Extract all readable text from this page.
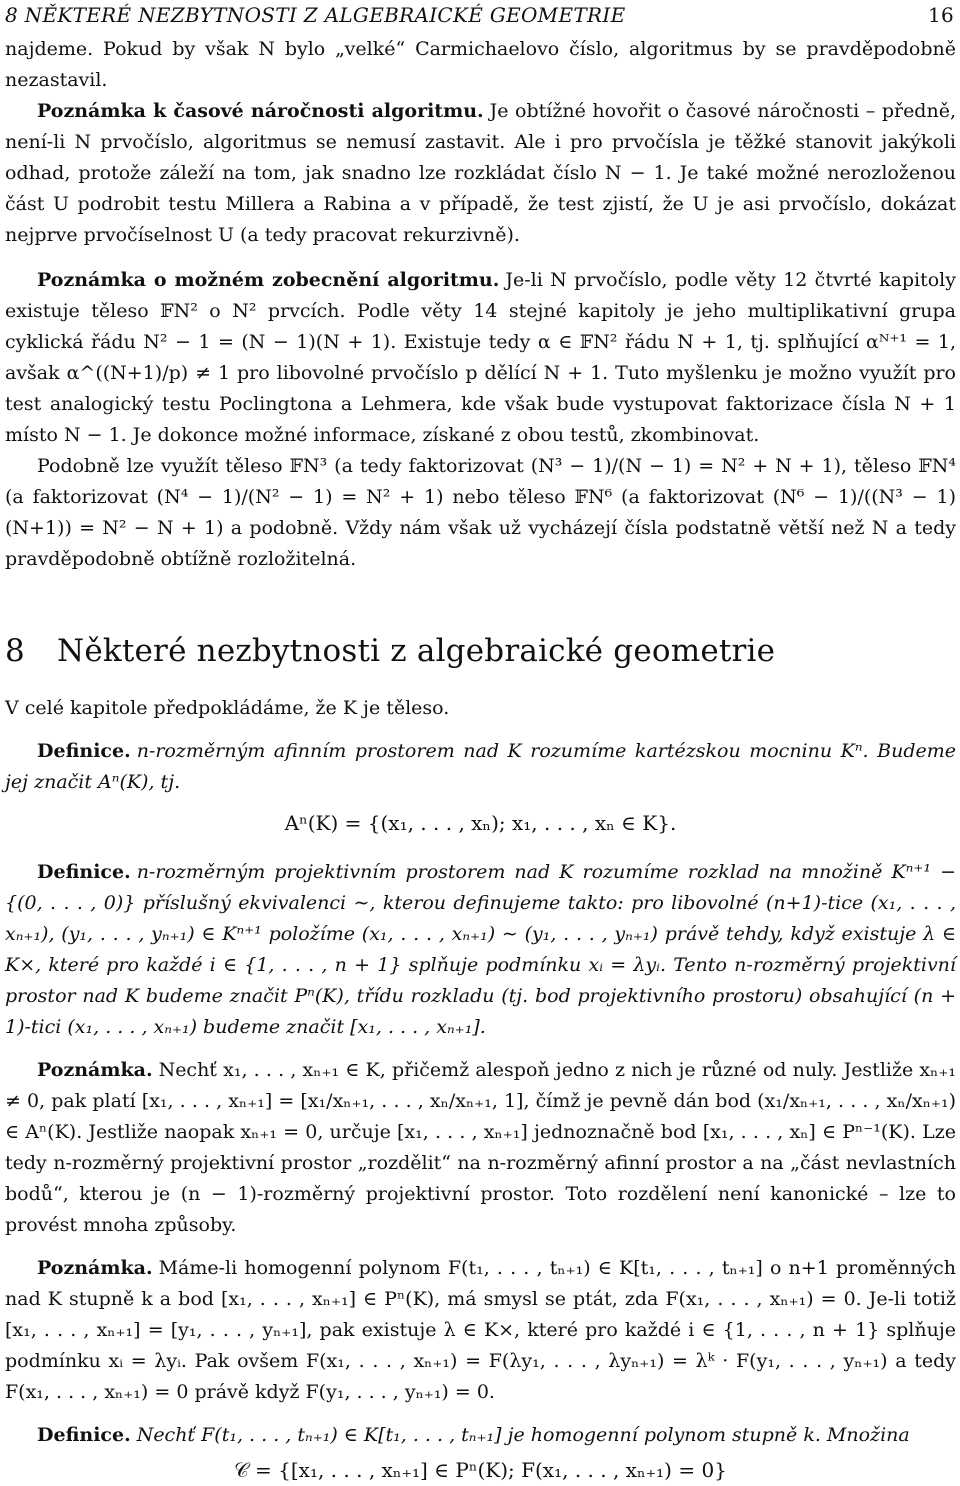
8 NĚKTERÉ NEZBYTNOSTI Z ALGEBRAICKÉ GEOMETRIE	16

najdeme. Pokud by však N bylo „velké“ Carmichaelovo číslo, algoritmus by se pravděpodobně nezastavil.

Poznámka k časové náročnosti algoritmu. Je obtížné hovořit o časové náročnosti – předně, není-li N prvočíslo, algoritmus se nemusí zastavit. Ale i pro prvočísla je těžké stanovit jakýkoli odhad, protože záleží na tom, jak snadno lze rozkládat číslo N − 1. Je také možné nerozloženou část U podrobit testu Millera a Rabina a v případě, že test zjistí, že U je asi prvočíslo, dokázat nejprve prvočíselnost U (a tedy pracovat rekurzivně).

Poznámka o možném zobecnění algoritmu. Je-li N prvočíslo, podle věty 12 čtvrté kapitoly existuje těleso 𝔽N² o N² prvcích. Podle věty 14 stejné kapitoly je jeho multiplikativní grupa cyklická řádu N² − 1 = (N − 1)(N + 1). Existuje tedy α ∈ 𝔽N² řádu N + 1, tj. splňující αᴺ⁺¹ = 1, avšak α^((N+1)/p) ≠ 1 pro libovolné prvočíslo p dělící N + 1. Tuto myšlenku je možno využít pro test analogický testu Poclingtona a Lehmera, kde však bude vystupovat faktorizace čísla N + 1 místo N − 1. Je dokonce možné informace, získané z obou testů, zkombinovat.

Podobně lze využít těleso 𝔽N³ (a tedy faktorizovat (N³ − 1)/(N − 1) = N² + N + 1), těleso 𝔽N⁴ (a faktorizovat (N⁴ − 1)/(N² − 1) = N² + 1) nebo těleso 𝔽N⁶ (a faktorizovat (N⁶ − 1)/((N³ − 1)(N+1)) = N² − N + 1) a podobně. Vždy nám však už vycházejí čísla podstatně větší než N a tedy pravděpodobně obtížně rozložitelná.

8 Některé nezbytnosti z algebraické geometrie

V celé kapitole předpokládáme, že K je těleso.

Definice. n-rozměrným afinním prostorem nad K rozumíme kartézskou mocninu Kⁿ. Budeme jej značit Aⁿ(K), tj.

Aⁿ(K) = {(x₁, . . . , xₙ); x₁, . . . , xₙ ∈ K}.

Definice. n-rozměrným projektivním prostorem nad K rozumíme rozklad na množině Kⁿ⁺¹ − {(0, . . . , 0)} příslušný ekvivalenci ∼, kterou definujeme takto: pro libovolné (n+1)-tice (x₁, . . . , xₙ₊₁), (y₁, . . . , yₙ₊₁) ∈ Kⁿ⁺¹ položíme (x₁, . . . , xₙ₊₁) ∼ (y₁, . . . , yₙ₊₁) právě tehdy, když existuje λ ∈ K×, které pro každé i ∈ {1, . . . , n + 1} splňuje podmínku xᵢ = λyᵢ. Tento n-rozměrný projektivní prostor nad K budeme značit Pⁿ(K), třídu rozkladu (tj. bod projektivního prostoru) obsahující (n + 1)-tici (x₁, . . . , xₙ₊₁) budeme značit [x₁, . . . , xₙ₊₁].

Poznámka. Nechť x₁, . . . , xₙ₊₁ ∈ K, přičemž alespoň jedno z nich je různé od nuly. Jestliže xₙ₊₁ ≠ 0, pak platí [x₁, . . . , xₙ₊₁] = [x₁/xₙ₊₁, . . . , xₙ/xₙ₊₁, 1], čímž je pevně dán bod (x₁/xₙ₊₁, . . . , xₙ/xₙ₊₁) ∈ Aⁿ(K). Jestliže naopak xₙ₊₁ = 0, určuje [x₁, . . . , xₙ₊₁] jednoznačně bod [x₁, . . . , xₙ] ∈ Pⁿ⁻¹(K). Lze tedy n-rozměrný projektivní prostor „rozdělit“ na n-rozměrný afinní prostor a na „část nevlastních bodů“, kterou je (n − 1)-rozměrný projektivní prostor. Toto rozdělení není kanonické – lze to provést mnoha způsoby.

Poznámka. Máme-li homogenní polynom F(t₁, . . . , tₙ₊₁) ∈ K[t₁, . . . , tₙ₊₁] o n+1 proměnných nad K stupně k a bod [x₁, . . . , xₙ₊₁] ∈ Pⁿ(K), má smysl se ptát, zda F(x₁, . . . , xₙ₊₁) = 0. Je-li totiž [x₁, . . . , xₙ₊₁] = [y₁, . . . , yₙ₊₁], pak existuje λ ∈ K×, které pro každé i ∈ {1, . . . , n + 1} splňuje podmínku xᵢ = λyᵢ. Pak ovšem F(x₁, . . . , xₙ₊₁) = F(λy₁, . . . , λyₙ₊₁) = λᵏ · F(y₁, . . . , yₙ₊₁) a tedy F(x₁, . . . , xₙ₊₁) = 0 právě když F(y₁, . . . , yₙ₊₁) = 0.

Definice. Nechť F(t₁, . . . , tₙ₊₁) ∈ K[t₁, . . . , tₙ₊₁] je homogenní polynom stupně k. Množina

𝒞 = {[x₁, . . . , xₙ₊₁] ∈ Pⁿ(K); F(x₁, . . . , xₙ₊₁) = 0}
